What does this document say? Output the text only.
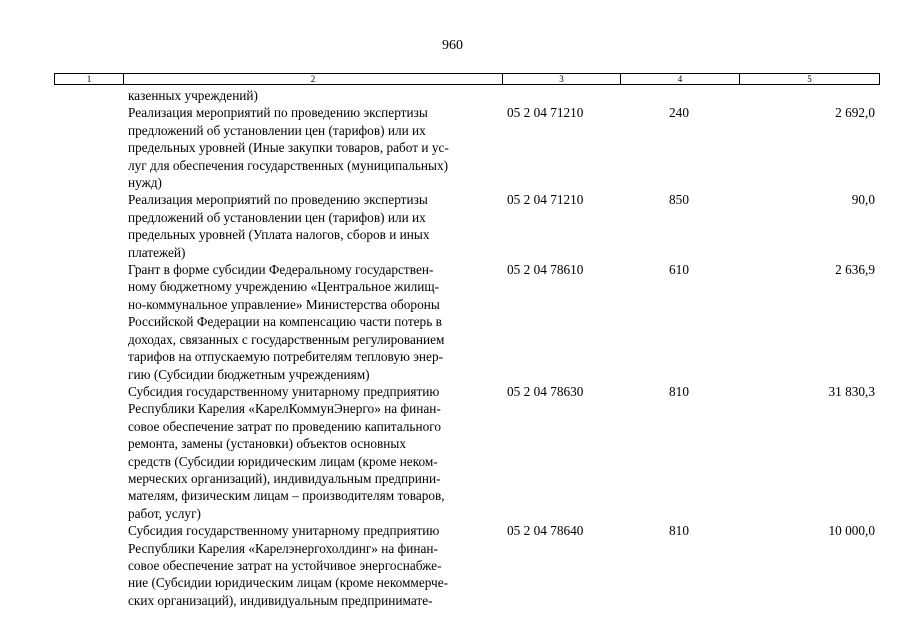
960
1	2	3	4	5
казенных учреждений)
Реализация мероприятий по проведению экспертизы
предложений об установлении цен (тарифов) или их
предельных уровней (Иные закупки товаров, работ и ус-
луг для обеспечения государственных (муниципальных)
нужд)
05 2 04 71210	240	2 692,0
Реализация мероприятий по проведению экспертизы
предложений об установлении цен (тарифов) или их
предельных уровней (Уплата налогов, сборов и иных
платежей)
05 2 04 71210	850	90,0
Грант в форме субсидии Федеральному государствен-
ному бюджетному учреждению «Центральное жилищ-
но-коммунальное управление» Министерства обороны
Российской Федерации на компенсацию части потерь в
доходах, связанных с государственным регулированием
тарифов на отпускаемую потребителям тепловую энер-
гию (Субсидии бюджетным учреждениям)
05 2 04 78610	610	2 636,9
Субсидия государственному унитарному предприятию
Республики Карелия «КарелКоммунЭнерго» на финан-
совое обеспечение затрат по проведению капитального
ремонта, замены (установки) объектов основных
средств (Субсидии юридическим лицам (кроме неком-
мерческих организаций), индивидуальным предприни-
мателям, физическим лицам – производителям товаров,
работ, услуг)
05 2 04 78630	810	31 830,3
Субсидия государственному унитарному предприятию
Республики Карелия «Карелэнергохолдинг» на финан-
совое обеспечение затрат на устойчивое энергоснабже-
ние (Субсидии юридическим лицам (кроме некоммерче-
ских организаций), индивидуальным предпринимате-
05 2 04 78640	810	10 000,0
